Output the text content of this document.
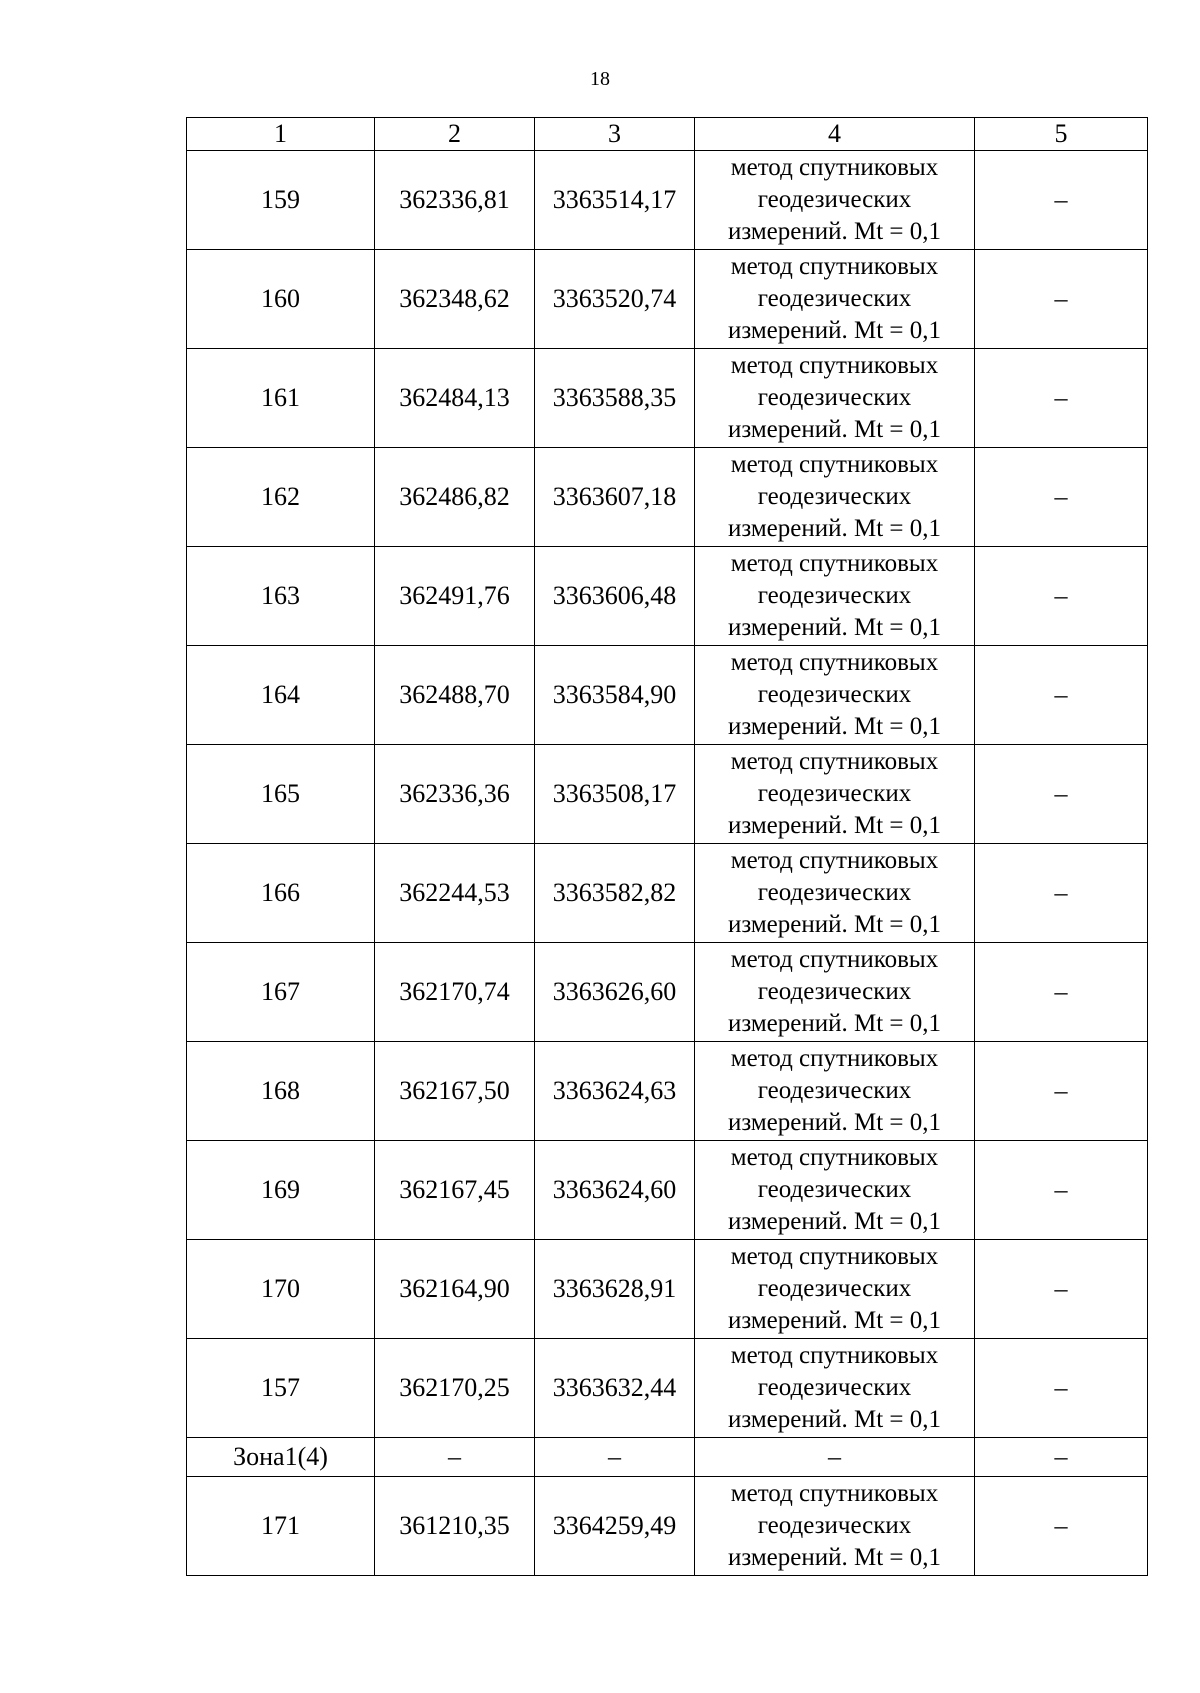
18
1	2	3	4	5
159	362336,81	3363514,17	метод спутниковых
геодезических
измерений. Mt = 0,1	–
160	362348,62	3363520,74	метод спутниковых
геодезических
измерений. Mt = 0,1	–
161	362484,13	3363588,35	метод спутниковых
геодезических
измерений. Mt = 0,1	–
162	362486,82	3363607,18	метод спутниковых
геодезических
измерений. Mt = 0,1	–
163	362491,76	3363606,48	метод спутниковых
геодезических
измерений. Mt = 0,1	–
164	362488,70	3363584,90	метод спутниковых
геодезических
измерений. Mt = 0,1	–
165	362336,36	3363508,17	метод спутниковых
геодезических
измерений. Mt = 0,1	–
166	362244,53	3363582,82	метод спутниковых
геодезических
измерений. Mt = 0,1	–
167	362170,74	3363626,60	метод спутниковых
геодезических
измерений. Mt = 0,1	–
168	362167,50	3363624,63	метод спутниковых
геодезических
измерений. Mt = 0,1	–
169	362167,45	3363624,60	метод спутниковых
геодезических
измерений. Mt = 0,1	–
170	362164,90	3363628,91	метод спутниковых
геодезических
измерений. Mt = 0,1	–
157	362170,25	3363632,44	метод спутниковых
геодезических
измерений. Mt = 0,1	–
Зона1(4)	–	–	–	–
171	361210,35	3364259,49	метод спутниковых
геодезических
измерений. Mt = 0,1	–
